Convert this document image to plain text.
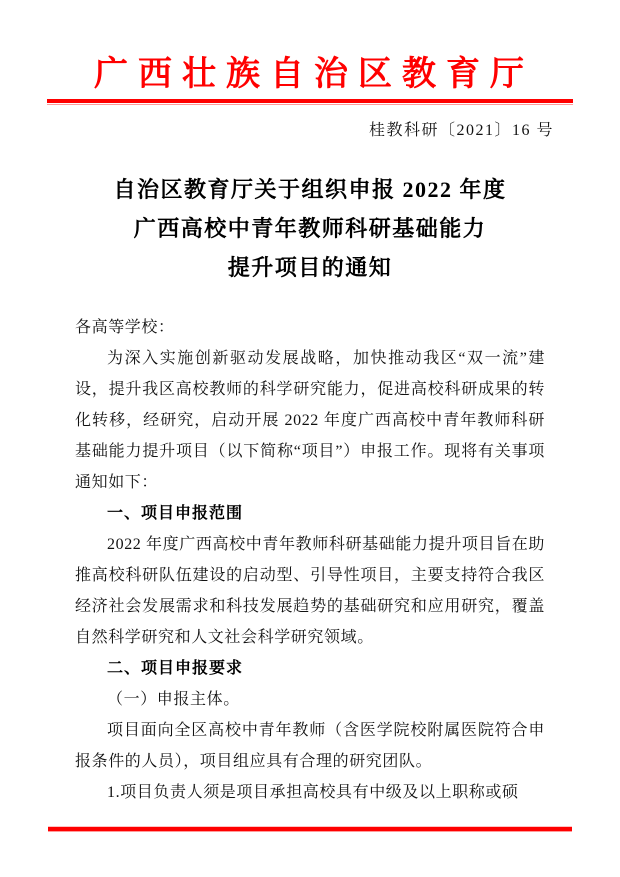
广西壮族自治区教育厅
桂教科研〔2021〕16 号
自治区教育厅关于组织申报 2022 年度
广西高校中青年教师科研基础能力
提升项目的通知

各高等学校：

为深入实施创新驱动发展战略，加快推动我区“双一流”建设，提升我区高校教师的科学研究能力，促进高校科研成果的转化转移，经研究，启动开展 2022 年度广西高校中青年教师科研基础能力提升项目（以下简称“项目”）申报工作。现将有关事项通知如下：

一、项目申报范围

2022 年度广西高校中青年教师科研基础能力提升项目旨在助推高校科研队伍建设的启动型、引导性项目，主要支持符合我区经济社会发展需求和科技发展趋势的基础研究和应用研究，覆盖自然科学研究和人文社会科学研究领域。

二、项目申报要求

（一）申报主体。

项目面向全区高校中青年教师（含医学院校附属医院符合申报条件的人员），项目组应具有合理的研究团队。

1.项目负责人须是项目承担高校具有中级及以上职称或硕
